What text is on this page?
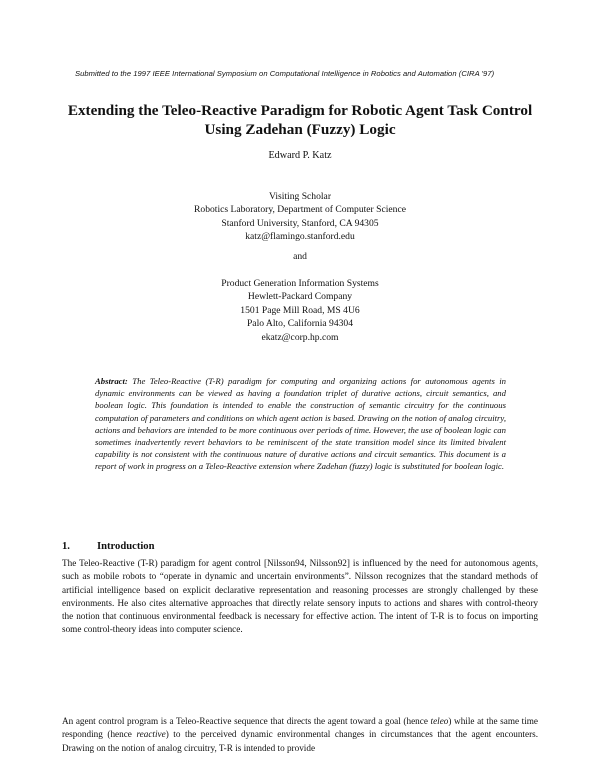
Submitted to the 1997 IEEE International Symposium on Computational Intelligence in Robotics and Automation (CIRA '97)
Extending the Teleo-Reactive Paradigm for Robotic Agent Task Control
Using Zadehan (Fuzzy) Logic
Edward P. Katz
Visiting Scholar
Robotics Laboratory, Department of Computer Science
Stanford University, Stanford, CA 94305
katz@flamingo.stanford.edu
and
Product Generation Information Systems
Hewlett-Packard Company
1501 Page Mill Road, MS 4U6
Palo Alto, California 94304
ekatz@corp.hp.com
Abstract: The Teleo-Reactive (T-R) paradigm for computing and organizing actions for autonomous agents in dynamic environments can be viewed as having a foundation triplet of durative actions, circuit semantics, and boolean logic. This foundation is intended to enable the construction of semantic circuitry for the continuous computation of parameters and conditions on which agent action is based. Drawing on the notion of analog circuitry, actions and behaviors are intended to be more continuous over periods of time. However, the use of boolean logic can sometimes inadvertently revert behaviors to be reminiscent of the state transition model since its limited bivalent capability is not consistent with the continuous nature of durative actions and circuit semantics. This document is a report of work in progress on a Teleo-Reactive extension where Zadehan (fuzzy) logic is substituted for boolean logic.
1.	Introduction
The Teleo-Reactive (T-R) paradigm for agent control [Nilsson94, Nilsson92] is influenced by the need for autonomous agents, such as mobile robots to “operate in dynamic and uncertain environments”. Nilsson recognizes that the standard methods of artificial intelligence based on explicit declarative representation and reasoning processes are strongly challenged by these environments. He also cites alternative approaches that directly relate sensory inputs to actions and shares with control-theory the notion that continuous environmental feedback is necessary for effective action. The intent of T-R is to focus on importing some control-theory ideas into computer science.
An agent control program is a Teleo-Reactive sequence that directs the agent toward a goal (hence teleo) while at the same time responding (hence reactive) to the perceived dynamic environmental changes in circumstances that the agent encounters. Drawing on the notion of analog circuitry, T-R is intended to provide
